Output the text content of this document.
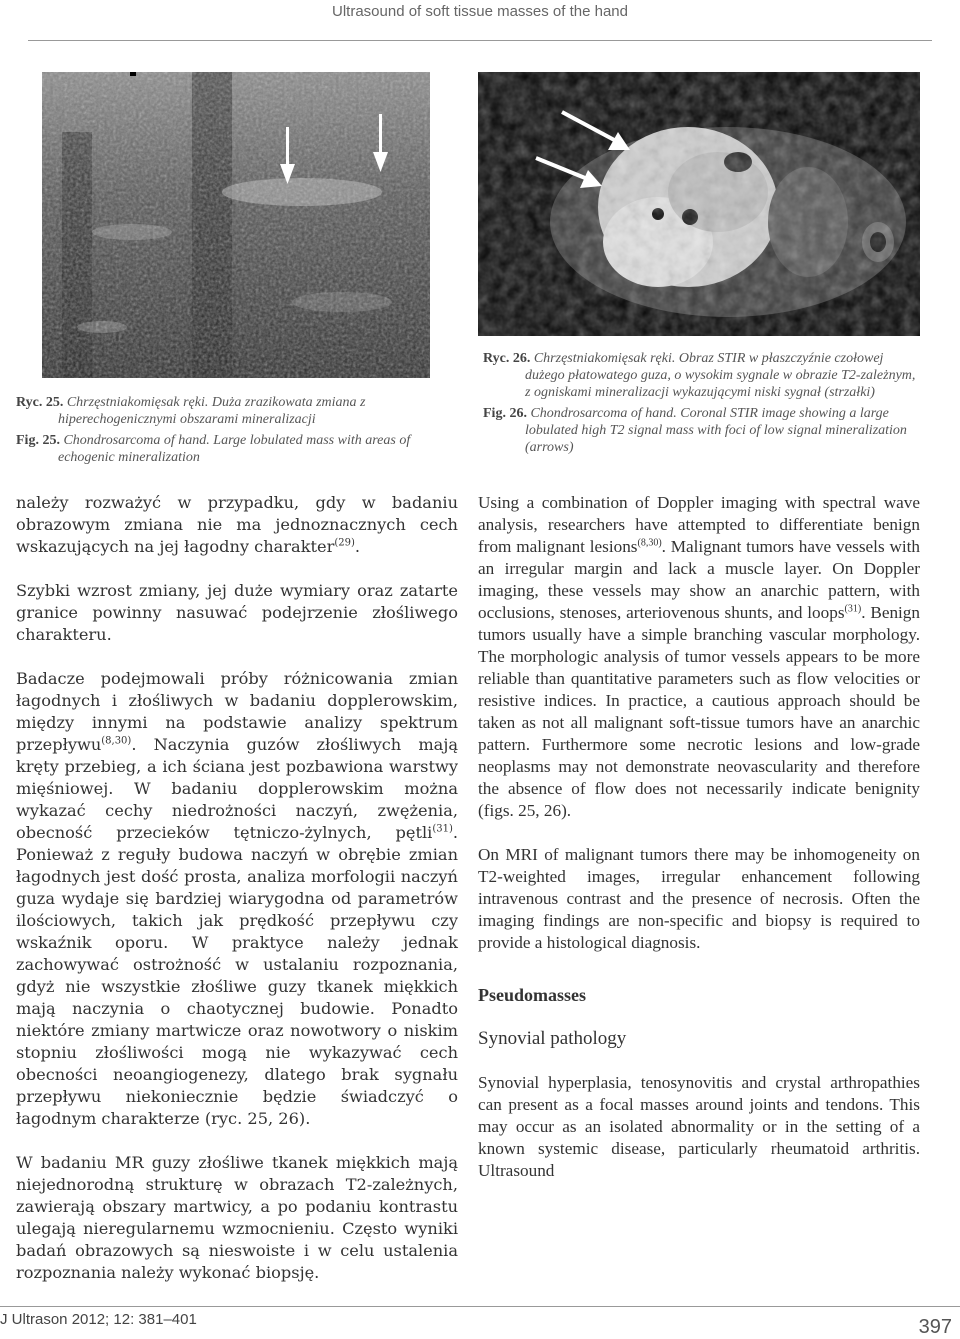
Ultrasound of soft tissue masses of the hand

Ryc. 25. Chrzęstniakomięsak ręki. Duża zrazikowata zmiana z hiperechogenicznymi obszarami mineralizacji

Fig. 25. Chondrosarcoma of hand. Large lobulated mass with areas of echogenic mineralization

Ryc. 26. Chrzęstniakomięsak ręki. Obraz STIR w płaszczyźnie czołowej dużego płatowatego guza, o wysokim sygnale w obrazie T2-zależnym, z ogniskami mineralizacji wykazującymi niski sygnał (strzałki)

Fig. 26. Chondrosarcoma of hand. Coronal STIR image showing a large lobulated high T2 signal mass with foci of low signal mineralization (arrows)

należy rozważyć w przypadku, gdy w badaniu obrazowym zmiana nie ma jednoznacznych cech wskazujących na jej łagodny charakter$^{(29)}$.

Szybki wzrost zmiany, jej duże wymiary oraz zatarte granice powinny nasuwać podejrzenie złośliwego charakteru.

Badacze podejmowali próby różnicowania zmian łagodnych i złośliwych w badaniu dopplerowskim, między innymi na podstawie analizy spektrum przepływu$^{(8,30)}$. Naczynia guzów złośliwych mają kręty przebieg, a ich ściana jest pozbawiona warstwy mięśniowej. W badaniu dopplerowskim można wykazać cechy niedrożności naczyń, zwężenia, obecność przecieków tętniczo-żylnych, pętli$^{(31)}$. Ponieważ z reguły budowa naczyń w obrębie zmian łagodnych jest dość prosta, analiza morfologii naczyń guza wydaje się bardziej wiarygodna od parametrów ilościowych, takich jak prędkość przepływu czy wskaźnik oporu. W praktyce należy jednak zachowywać ostrożność w ustalaniu rozpoznania, gdyż nie wszystkie złośliwe guzy tkanek miękkich mają naczynia o chaotycznej budowie. Ponadto niektóre zmiany martwicze oraz nowotwory o niskim stopniu złośliwości mogą nie wykazywać cech obecności neoangiogenezy, dlatego brak sygnału przepływu niekoniecznie będzie świadczyć o łagodnym charakterze (ryc. 25, 26).

W badaniu MR guzy złośliwe tkanek miękkich mają niejednorodną strukturę w obrazach T2-zależnych, zawierają obszary martwicy, a po podaniu kontrastu ulegają nieregularnemu wzmocnieniu. Często wyniki badań obrazowych są nieswoiste i w celu ustalenia rozpoznania należy wykonać biopsję.

Using a combination of Doppler imaging with spectral wave analysis, researchers have attempted to differentiate benign from malignant lesions$^{(8,30)}$. Malignant tumors have vessels with an irregular margin and lack a muscle layer. On Doppler imaging, these vessels may show an anarchic pattern, with occlusions, stenoses, arteriovenous shunts, and loops$^{(31)}$. Benign tumors usually have a simple branching vascular morphology. The morphologic analysis of tumor vessels appears to be more reliable than quantitative parameters such as flow velocities or resistive indices. In practice, a cautious approach should be taken as not all malignant soft-tissue tumors have an anarchic pattern. Furthermore some necrotic lesions and low-grade neoplasms may not demonstrate neovascularity and therefore the absence of flow does not necessarily indicate benignity (figs. 25, 26).

On MRI of malignant tumors there may be inhomogeneity on T2-weighted images, irregular enhancement following intravenous contrast and the presence of necrosis. Often the imaging findings are non-specific and biopsy is required to provide a histological diagnosis.

Pseudomasses
Synovial pathology

Synovial hyperplasia, tenosynovitis and crystal arthropathies can present as a focal masses around joints and tendons. This may occur as an isolated abnormality or in the setting of a known systemic disease, particularly rheumatoid arthritis. Ultrasound

J Ultrason 2012; 12: 381–401	397
